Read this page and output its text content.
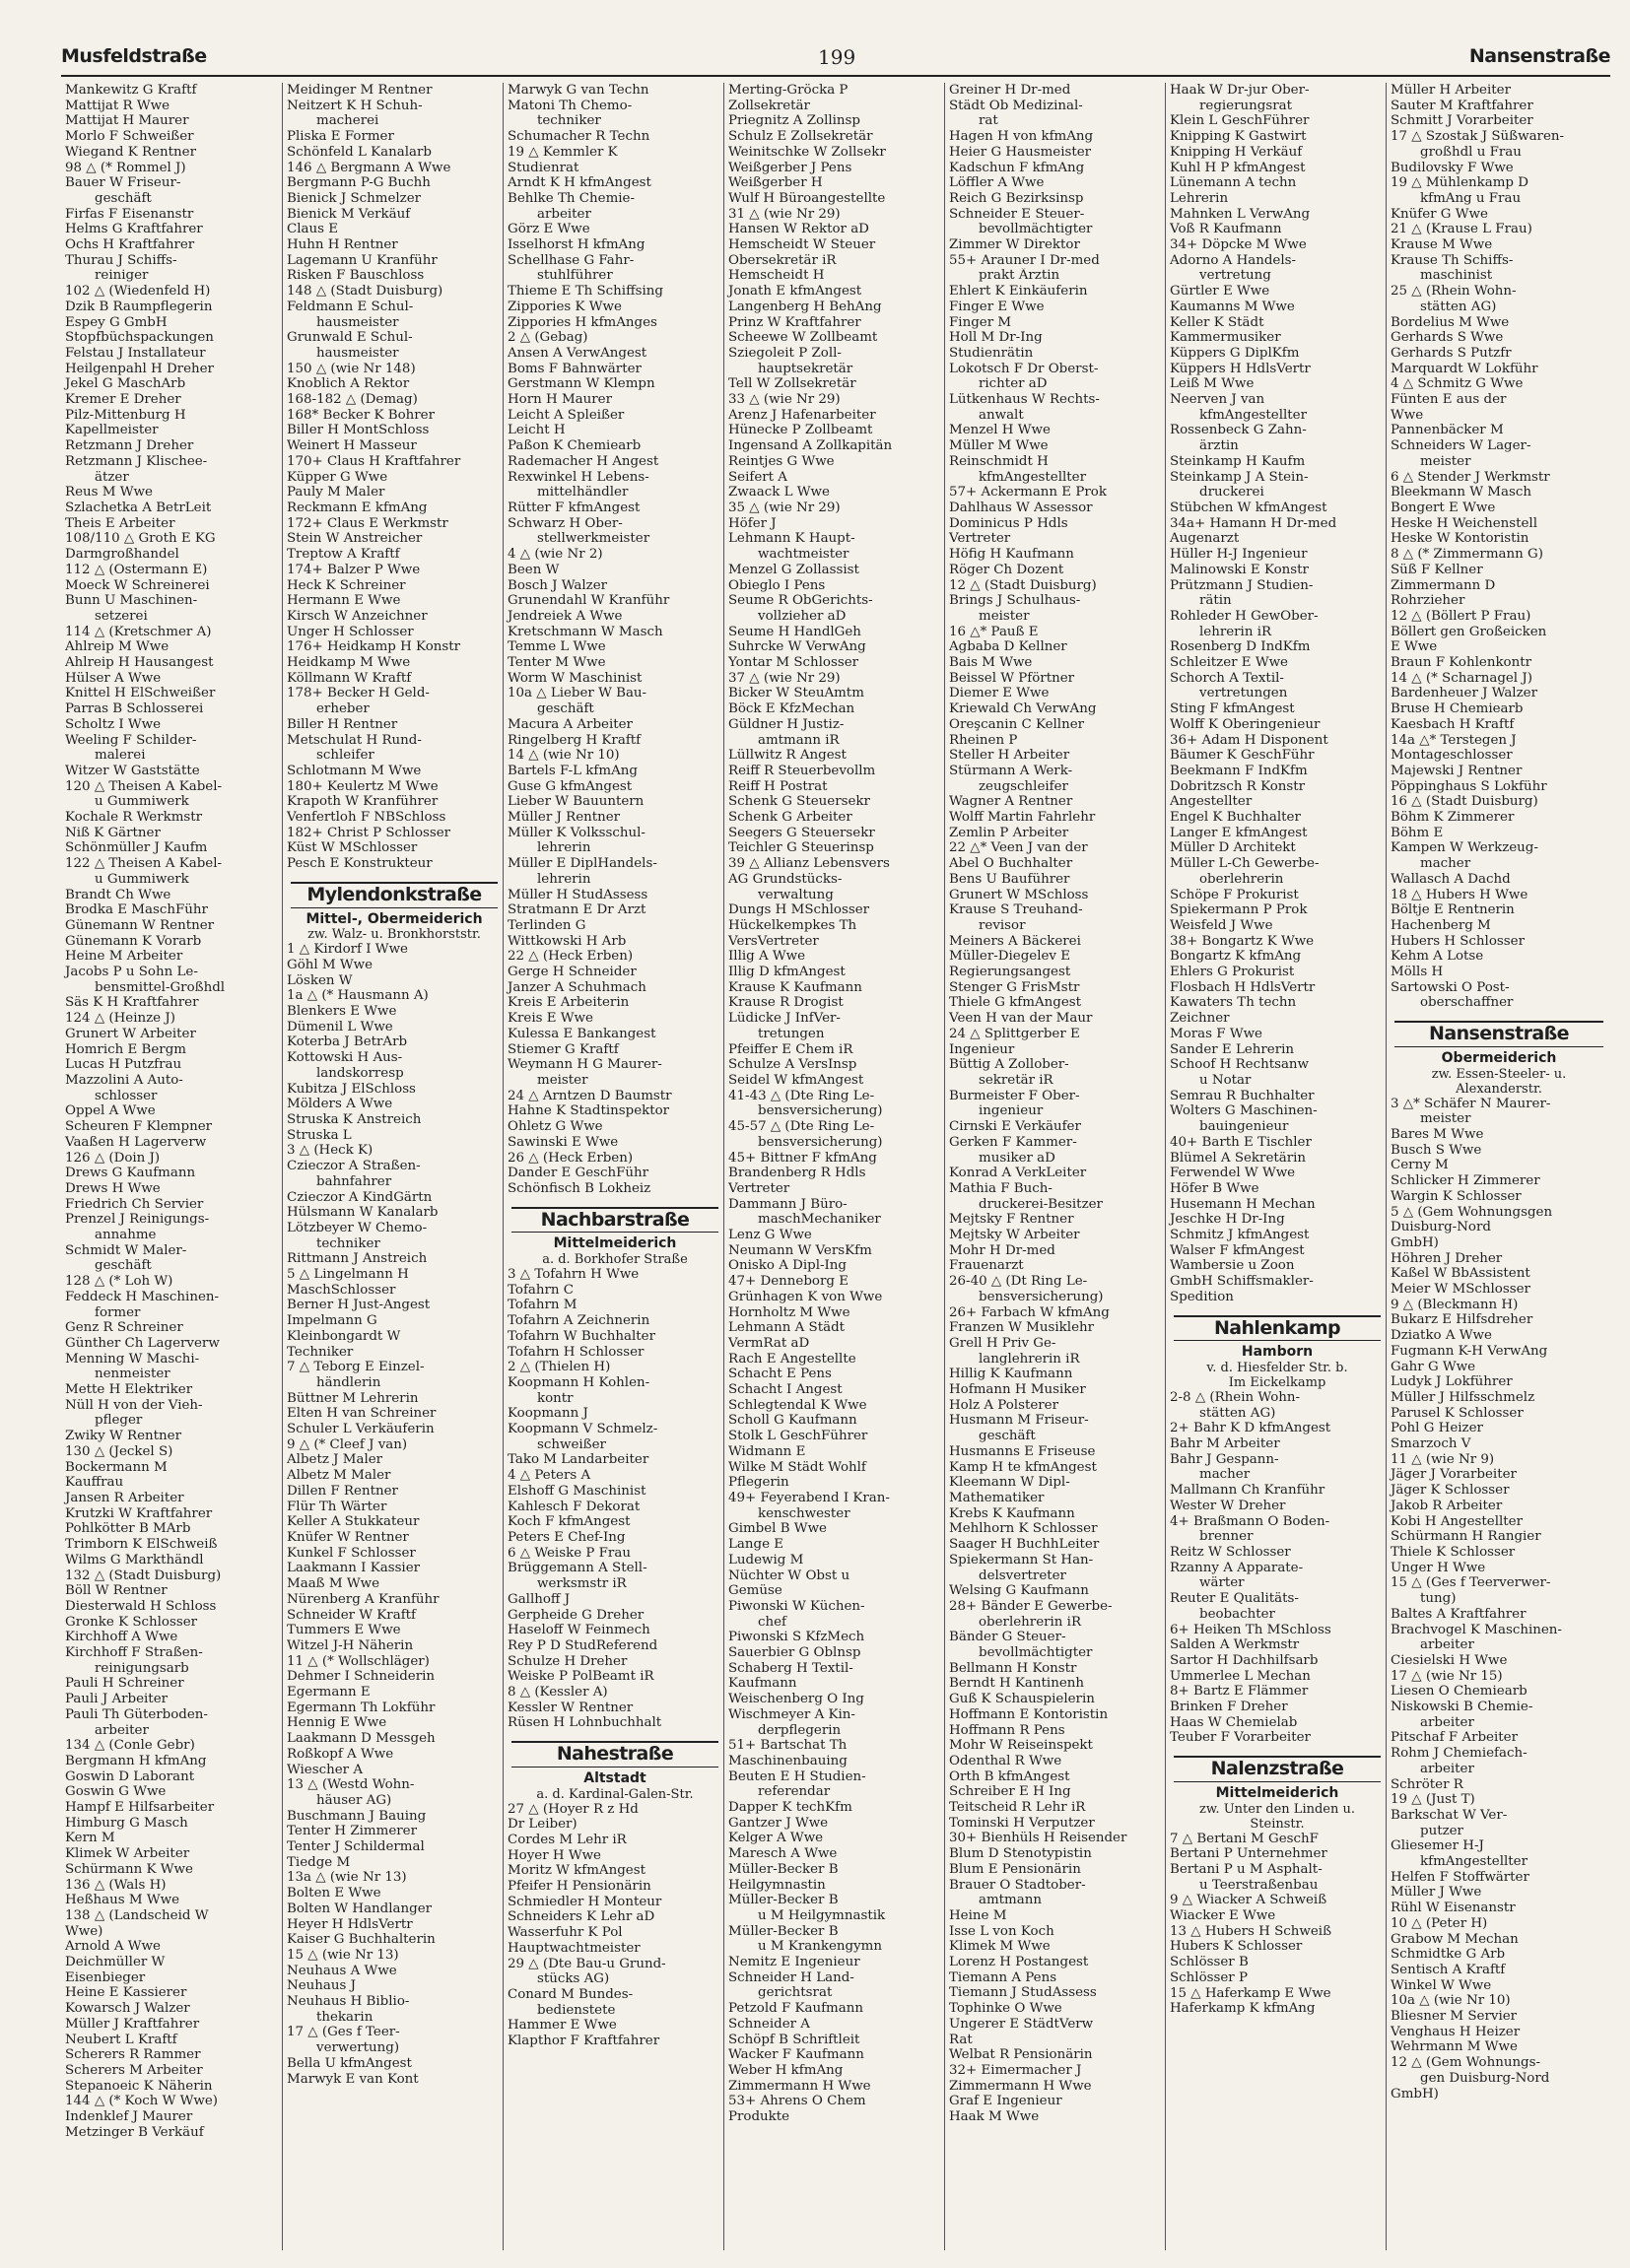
Musfeldstraße	199	Nansenstraße
Mankewitz G Kraftf
Mattijat R Wwe
Mattijat H Maurer
Morlo F Schweißer
Wiegand K Rentner
98 △ (* Rommel J)
Bauer W Friseur-
geschäft
Firfas F Eisenanstr
Helms G Kraftfahrer
Ochs H Kraftfahrer
Thurau J Schiffs-
reiniger
102 △ (Wiedenfeld H)
Dzik B Raumpflegerin
Espey G GmbH
Stopfbüchspackungen
Felstau J Installateur
Heilgenpahl H Dreher
Jekel G MaschArb
Kremer E Dreher
Pilz-Mittenburg H
Kapellmeister
Retzmann J Dreher
Retzmann J Klischee-
ätzer
Reus M Wwe
Szlachetka A BetrLeit
Theis E Arbeiter
108/110 △ Groth E KG
Darmgroßhandel
112 △ (Ostermann E)
Moeck W Schreinerei
Bunn U Maschinen-
setzerei
114 △ (Kretschmer A)
Ahlreip M Wwe
Ahlreip H Hausangest
Hülser A Wwe
Knittel H ElSchweißer
Parras B Schlosserei
Scholtz I Wwe
Weeling F Schilder-
malerei
Witzer W Gaststätte
120 △ Theisen A Kabel-
u Gummiwerk
Kochale R Werkmstr
Niß K Gärtner
Schönmüller J Kaufm
122 △ Theisen A Kabel-
u Gummiwerk
Brandt Ch Wwe
Brodka E MaschFühr
Günemann W Rentner
Günemann K Vorarb
Heine M Arbeiter
Jacobs P u Sohn Le-
bensmittel-Großhdl
Säs K H Kraftfahrer
124 △ (Heinze J)
Grunert W Arbeiter
Homrich E Bergm
Lucas H Putzfrau
Mazzolini A Auto-
schlosser
Oppel A Wwe
Scheuren F Klempner
Vaaßen H Lagerverw
126 △ (Doin J)
Drews G Kaufmann
Drews H Wwe
Friedrich Ch Servier
Prenzel J Reinigungs-
annahme
Schmidt W Maler-
geschäft
128 △ (* Loh W)
Feddeck H Maschinen-
former
Genz R Schreiner
Günther Ch Lagerverw
Menning W Maschi-
nenmeister
Mette H Elektriker
Nüll H von der Vieh-
pfleger
Zwiky W Rentner
130 △ (Jeckel S)
Bockermann M
Kauffrau
Jansen R Arbeiter
Krutzki W Kraftfahrer
Pohlkötter B MArb
Trimborn K ElSchweiß
Wilms G Markthändl
132 △ (Stadt Duisburg)
Böll W Rentner
Diesterwald H Schloss
Gronke K Schlosser
Kirchhoff A Wwe
Kirchhoff F Straßen-
reinigungsarb
Pauli H Schreiner
Pauli J Arbeiter
Pauli Th Güterboden-
arbeiter
134 △ (Conle Gebr)
Bergmann H kfmAng
Goswin D Laborant
Goswin G Wwe
Hampf E Hilfsarbeiter
Himburg G Masch
Kern M
Klimek W Arbeiter
Schürmann K Wwe
136 △ (Wals H)
Heßhaus M Wwe
138 △ (Landscheid W
Wwe)
Arnold A Wwe
Deichmüller W
Eisenbieger
Heine E Kassierer
Kowarsch J Walzer
Müller J Kraftfahrer
Neubert L Kraftf
Scherers R Rammer
Scherers M Arbeiter
Stepanoeic K Näherin
144 △ (* Koch W Wwe)
Indenklef J Maurer
Metzinger B Verkäuf
Meidinger M Rentner
Neitzert K H Schuh-
macherei
Pliska E Former
Schönfeld L Kanalarb
146 △ Bergmann A Wwe
Bergmann P-G Buchh
Bienick J Schmelzer
Bienick M Verkäuf
Claus E
Huhn H Rentner
Lagemann U Kranführ
Risken F Bauschloss
148 △ (Stadt Duisburg)
Feldmann E Schul-
hausmeister
Grunwald E Schul-
hausmeister
150 △ (wie Nr 148)
Knoblich A Rektor
168-182 △ (Demag)
168* Becker K Bohrer
Biller H MontSchloss
Weinert H Masseur
170+ Claus H Kraftfahrer
Küpper G Wwe
Pauly M Maler
Reckmann E kfmAng
172+ Claus E Werkmstr
Stein W Anstreicher
Treptow A Kraftf
174+ Balzer P Wwe
Heck K Schreiner
Hermann E Wwe
Kirsch W Anzeichner
Unger H Schlosser
176+ Heidkamp H Konstr
Heidkamp M Wwe
Köllmann W Kraftf
178+ Becker H Geld-
erheber
Biller H Rentner
Metschulat H Rund-
schleifer
Schlotmann M Wwe
180+ Keulertz M Wwe
Krapoth W Kranführer
Venfertloh F NBSchloss
182+ Christ P Schlosser
Küst W MSchlosser
Pesch E Konstrukteur
Mylendonkstraße
Mittel-, Obermeiderich
zw. Walz- u. Bronkhorststr.
1 △ Kirdorf I Wwe
Göhl M Wwe
Lösken W
1a △ (* Hausmann A)
Blenkers E Wwe
Dümenil L Wwe
Koterba J BetrArb
Kottowski H Aus-
landskorresp
Kubitza J ElSchloss
Mölders A Wwe
Struska K Anstreich
Struska L
3 △ (Heck K)
Czieczor A Straßen-
bahnfahrer
Czieczor A KindGärtn
Hülsmann W Kanalarb
Lötzbeyer W Chemo-
techniker
Rittmann J Anstreich
5 △ Lingelmann H
MaschSchlosser
Berner H Just-Angest
Impelmann G
Kleinbongardt W
Techniker
7 △ Teborg E Einzel-
händlerin
Büttner M Lehrerin
Elten H van Schreiner
Schuler L Verkäuferin
9 △ (* Cleef J van)
Albetz J Maler
Albetz M Maler
Dillen F Rentner
Flür Th Wärter
Keller A Stukkateur
Knüfer W Rentner
Kunkel F Schlosser
Laakmann I Kassier
Maaß M Wwe
Nürenberg A Kranführ
Schneider W Kraftf
Tummers E Wwe
Witzel J-H Näherin
11 △ (* Wollschläger)
Dehmer I Schneiderin
Egermann E
Egermann Th Lokführ
Hennig E Wwe
Laakmann D Messgeh
Roßkopf A Wwe
Wiescher A
13 △ (Westd Wohn-
häuser AG)
Buschmann J Bauing
Tenter H Zimmerer
Tenter J Schildermal
Tiedge M
13a △ (wie Nr 13)
Bolten E Wwe
Bolten W Handlanger
Heyer H HdlsVertr
Kaiser G Buchhalterin
15 △ (wie Nr 13)
Neuhaus A Wwe
Neuhaus J
Neuhaus H Biblio-
thekarin
17 △ (Ges f Teer-
verwertung)
Bella U kfmAngest
Marwyk E van Kont
Marwyk G van Techn
Matoni Th Chemo-
techniker
Schumacher R Techn
19 △ Kemmler K
Studienrat
Arndt K H kfmAngest
Behlke Th Chemie-
arbeiter
Görz E Wwe
Isselhorst H kfmAng
Schellhase G Fahr-
stuhlführer
Thieme E Th Schiffsing
Zippories K Wwe
Zippories H kfmAnges
2 △ (Gebag)
Ansen A VerwAngest
Boms F Bahnwärter
Gerstmann W Klempn
Horn H Maurer
Leicht A Spleißer
Leicht H
Paßon K Chemiearb
Rademacher H Angest
Rexwinkel H Lebens-
mittelhändler
Rütter F kfmAngest
Schwarz H Ober-
stellwerkmeister
4 △ (wie Nr 2)
Been W
Bosch J Walzer
Grunendahl W Kranführ
Jendreiek A Wwe
Kretschmann W Masch
Temme L Wwe
Tenter M Wwe
Worm W Maschinist
10a △ Lieber W Bau-
geschäft
Macura A Arbeiter
Ringelberg H Kraftf
14 △ (wie Nr 10)
Bartels F-L kfmAng
Guse G kfmAngest
Lieber W Bauuntern
Müller J Rentner
Müller K Volksschul-
lehrerin
Müller E DiplHandels-
lehrerin
Müller H StudAssess
Stratmann E Dr Arzt
Terlinden G
Wittkowski H Arb
22 △ (Heck Erben)
Gerge H Schneider
Janzer A Schuhmach
Kreis E Arbeiterin
Kreis E Wwe
Kulessa E Bankangest
Stiemer G Kraftf
Weymann H G Maurer-
meister
24 △ Arntzen D Baumstr
Hahne K Stadtinspektor
Ohletz G Wwe
Sawinski E Wwe
26 △ (Heck Erben)
Dander E GeschFühr
Schönfisch B Lokheiz
Nachbarstraße
Mittelmeiderich
a. d. Borkhofer Straße
3 △ Tofahrn H Wwe
Tofahrn C
Tofahrn M
Tofahrn A Zeichnerin
Tofahrn W Buchhalter
Tofahrn H Schlosser
2 △ (Thielen H)
Koopmann H Kohlen-
kontr
Koopmann J
Koopmann V Schmelz-
schweißer
Tako M Landarbeiter
4 △ Peters A
Elshoff G Maschinist
Kahlesch F Dekorat
Koch F kfmAngest
Peters E Chef-Ing
6 △ Weiske P Frau
Brüggemann A Stell-
werksmstr iR
Gallhoff J
Gerpheide G Dreher
Haseloff W Feinmech
Rey P D StudReferend
Schulze H Dreher
Weiske P PolBeamt iR
8 △ (Kessler A)
Kessler W Rentner
Rüsen H Lohnbuchhalt
Nahestraße
Altstadt
a. d. Kardinal-Galen-Str.
27 △ (Hoyer R z Hd
Dr Leiber)
Cordes M Lehr iR
Hoyer H Wwe
Moritz W kfmAngest
Pfeifer H Pensionärin
Schmiedler H Monteur
Schneiders K Lehr aD
Wasserfuhr K Pol
Hauptwachtmeister
29 △ (Dte Bau-u Grund-
stücks AG)
Conard M Bundes-
bedienstete
Hammer E Wwe
Klapthor F Kraftfahrer
Merting-Gröcka P
Zollsekretär
Priegnitz A Zollinsp
Schulz E Zollsekretär
Weinitschke W Zollsekr
Weißgerber J Pens
Weißgerber H
Wulf H Büroangestellte
31 △ (wie Nr 29)
Hansen W Rektor aD
Hemscheidt W Steuer
Obersekretär iR
Hemscheidt H
Jonath E kfmAngest
Langenberg H BehAng
Prinz W Kraftfahrer
Scheewe W Zollbeamt
Sziegoleit P Zoll-
hauptsekretär
Tell W Zollsekretär
33 △ (wie Nr 29)
Arenz J Hafenarbeiter
Hünecke P Zollbeamt
Ingensand A Zollkapitän
Reintjes G Wwe
Seifert A
Zwaack L Wwe
35 △ (wie Nr 29)
Höfer J
Lehmann K Haupt-
wachtmeister
Menzel G Zollassist
Obieglo I Pens
Seume R ObGerichts-
vollzieher aD
Seume H HandlGeh
Suhrcke W VerwAng
Yontar M Schlosser
37 △ (wie Nr 29)
Bicker W SteuAmtm
Böck E KfzMechan
Güldner H Justiz-
amtmann iR
Lüllwitz R Angest
Reiff R Steuerbevollm
Reiff H Postrat
Schenk G Steuersekr
Schenk G Arbeiter
Seegers G Steuersekr
Teichler G Steuerinsp
39 △ Allianz Lebensvers
AG Grundstücks-
verwaltung
Dungs H MSchlosser
Hückelkempkes Th
VersVertreter
Illig A Wwe
Illig D kfmAngest
Krause K Kaufmann
Krause R Drogist
Lüdicke J InfVer-
tretungen
Pfeiffer E Chem iR
Schulze A VersInsp
Seidel W kfmAngest
41-43 △ (Dte Ring Le-
bensversicherung)
45-57 △ (Dte Ring Le-
bensversicherung)
45+ Bittner F kfmAng
Brandenberg R Hdls
Vertreter
Dammann J Büro-
maschMechaniker
Lenz G Wwe
Neumann W VersKfm
Onisko A Dipl-Ing
47+ Denneborg E
Grünhagen K von Wwe
Hornholtz M Wwe
Lehmann A Städt
VermRat aD
Rach E Angestellte
Schacht E Pens
Schacht I Angest
Schlegtendal K Wwe
Scholl G Kaufmann
Stolk L GeschFührer
Widmann E
Wilke M Städt Wohlf
Pflegerin
49+ Feyerabend I Kran-
kenschwester
Gimbel B Wwe
Lange E
Ludewig M
Nüchter W Obst u
Gemüse
Piwonski W Küchen-
chef
Piwonski S KfzMech
Sauerbier G Oblnsp
Schaberg H Textil-
Kaufmann
Weischenberg O Ing
Wischmeyer A Kin-
derpflegerin
51+ Bartschat Th
Maschinenbauing
Beuten E H Studien-
referendar
Dapper K techKfm
Gantzer J Wwe
Kelger A Wwe
Maresch A Wwe
Müller-Becker B
Heilgymnastin
Müller-Becker B
u M Heilgymnastik
Müller-Becker B
u M Krankengymn
Nemitz E Ingenieur
Schneider H Land-
gerichtsrat
Petzold F Kaufmann
Schneider A
Schöpf B Schriftleit
Wacker F Kaufmann
Weber H kfmAng
Zimmermann H Wwe
53+ Ahrens O Chem
Produkte
Greiner H Dr-med
Städt Ob Medizinal-
rat
Hagen H von kfmAng
Heier G Hausmeister
Kadschun F kfmAng
Löffler A Wwe
Reich G Bezirksinsp
Schneider E Steuer-
bevollmächtigter
Zimmer W Direktor
55+ Arauner I Dr-med
prakt Ärztin
Ehlert K Einkäuferin
Finger E Wwe
Finger M
Holl M Dr-Ing
Studienrätin
Lokotsch F Dr Oberst-
richter aD
Lütkenhaus W Rechts-
anwalt
Menzel H Wwe
Müller M Wwe
Reinschmidt H
kfmAngestellter
57+ Ackermann E Prok
Dahlhaus W Assessor
Dominicus P Hdls
Vertreter
Höfig H Kaufmann
Röger Ch Dozent
12 △ (Stadt Duisburg)
Brings J Schulhaus-
meister
16 △* Pauß E
Agbaba D Kellner
Bais M Wwe
Beissel W Pförtner
Diemer E Wwe
Kriewald Ch VerwAng
Oreşcanin C Kellner
Rheinen P
Steller H Arbeiter
Stürmann A Werk-
zeugschleifer
Wagner A Rentner
Wolff Martin Fahrlehr
Zemlin P Arbeiter
22 △* Veen J van der
Abel O Buchhalter
Bens U Bauführer
Grunert W MSchloss
Krause S Treuhand-
revisor
Meiners A Bäckerei
Müller-Diegelev E
Regierungsangest
Stenger G FrisMstr
Thiele G kfmAngest
Veen H van der Maur
24 △ Splittgerber E
Ingenieur
Büttig A Zollober-
sekretär iR
Burmeister F Ober-
ingenieur
Cirnski E Verkäufer
Gerken F Kammer-
musiker aD
Konrad A VerkLeiter
Mathia F Buch-
druckerei-Besitzer
Mejtsky F Rentner
Mejtsky W Arbeiter
Mohr H Dr-med
Frauenarzt
26-40 △ (Dt Ring Le-
bensversicherung)
26+ Farbach W kfmAng
Franzen W Musiklehr
Grell H Priv Ge-
langlehrerin iR
Hillig K Kaufmann
Hofmann H Musiker
Holz A Polsterer
Husmann M Friseur-
geschäft
Husmanns E Friseuse
Kamp H te kfmAngest
Kleemann W Dipl-
Mathematiker
Krebs K Kaufmann
Mehlhorn K Schlosser
Saager H BuchhLeiter
Spiekermann St Han-
delsvertreter
Welsing G Kaufmann
28+ Bänder E Gewerbe-
oberlehrerin iR
Bänder G Steuer-
bevollmächtigter
Bellmann H Konstr
Berndt H Kantinenh
Guß K Schauspielerin
Hoffmann E Kontoristin
Hoffmann R Pens
Mohr W Reiseinspekt
Odenthal R Wwe
Orth B kfmAngest
Schreiber E H Ing
Teitscheid R Lehr iR
Tominski H Verputzer
30+ Bienhüls H Reisender
Blum D Stenotypistin
Blum E Pensionärin
Brauer O Stadtober-
amtmann
Heine M
Isse L von Koch
Klimek M Wwe
Lorenz H Postangest
Tiemann A Pens
Tiemann J StudAssess
Tophinke O Wwe
Ungerer E StädtVerw
Rat
Welbat R Pensionärin
32+ Eimermacher J
Zimmermann H Wwe
Graf E Ingenieur
Haak M Wwe
Haak W Dr-jur Ober-
regierungsrat
Klein L GeschFührer
Knipping K Gastwirt
Knipping H Verkäuf
Kuhl H P kfmAngest
Lünemann A techn
Lehrerin
Mahnken L VerwAng
Voß R Kaufmann
34+ Döpcke M Wwe
Adorno A Handels-
vertretung
Gürtler E Wwe
Kaumanns M Wwe
Keller K Städt
Kammermusiker
Küppers G DiplKfm
Küppers H HdlsVertr
Leiß M Wwe
Neerven J van
kfmAngestellter
Rossenbeck G Zahn-
ärztin
Steinkamp H Kaufm
Steinkamp J A Stein-
druckerei
Stübchen W kfmAngest
34a+ Hamann H Dr-med
Augenarzt
Hüller H-J Ingenieur
Malinowski E Konstr
Prützmann J Studien-
rätin
Rohleder H GewOber-
lehrerin iR
Rosenberg D IndKfm
Schleitzer E Wwe
Schorch A Textil-
vertretungen
Sting F kfmAngest
Wolff K Oberingenieur
36+ Adam H Disponent
Bäumer K GeschFühr
Beekmann F IndKfm
Dobritzsch R Konstr
Angestellter
Engel K Buchhalter
Langer E kfmAngest
Müller D Architekt
Müller L-Ch Gewerbe-
oberlehrerin
Schöpe F Prokurist
Spiekermann P Prok
Weisfeld J Wwe
38+ Bongartz K Wwe
Bongartz K kfmAng
Ehlers G Prokurist
Flosbach H HdlsVertr
Kawaters Th techn
Zeichner
Moras F Wwe
Sander E Lehrerin
Schoof H Rechtsanw
u Notar
Semrau R Buchhalter
Wolters G Maschinen-
bauingenieur
40+ Barth E Tischler
Blümel A Sekretärin
Ferwendel W Wwe
Höfer B Wwe
Husemann H Mechan
Jeschke H Dr-Ing
Schmitz J kfmAngest
Walser F kfmAngest
Wambersie u Zoon
GmbH Schiffsmakler-
Spedition
Nahlenkamp
Hamborn
v. d. Hiesfelder Str. b.
Im Eickelkamp
2-8 △ (Rhein Wohn-
stätten AG)
2+ Bahr K D kfmAngest
Bahr M Arbeiter
Bahr J Gespann-
macher
Mallmann Ch Kranführ
Wester W Dreher
4+ Braßmann O Boden-
brenner
Reitz W Schlosser
Rzanny A Apparate-
wärter
Reuter E Qualitäts-
beobachter
6+ Heiken Th MSchloss
Salden A Werkmstr
Sartor H Dachhilfsarb
Ummerlee L Mechan
8+ Bartz E Flämmer
Brinken F Dreher
Haas W Chemielab
Teuber F Vorarbeiter
Nalenzstraße
Mittelmeiderich
zw. Unter den Linden u.
Steinstr.
7 △ Bertani M GeschF
Bertani P Unternehmer
Bertani P u M Asphalt-
u Teerstraßenbau
9 △ Wiacker A Schweiß
Wiacker E Wwe
13 △ Hubers H Schweiß
Hubers K Schlosser
Schlösser B
Schlösser P
15 △ Haferkamp E Wwe
Haferkamp K kfmAng
Müller H Arbeiter
Sauter M Kraftfahrer
Schmitt J Vorarbeiter
17 △ Szostak J Süßwaren-
großhdl u Frau
Budilovsky F Wwe
19 △ Mühlenkamp D
kfmAng u Frau
Knüfer G Wwe
21 △ (Krause L Frau)
Krause M Wwe
Krause Th Schiffs-
maschinist
25 △ (Rhein Wohn-
stätten AG)
Bordelius M Wwe
Gerhards S Wwe
Gerhards S Putzfr
Marquardt W Lokführ
4 △ Schmitz G Wwe
Fünten E aus der
Wwe
Pannenbäcker M
Schneiders W Lager-
meister
6 △ Stender J Werkmstr
Bleekmann W Masch
Bongert E Wwe
Heske H Weichenstell
Heske W Kontoristin
8 △ (* Zimmermann G)
Süß F Kellner
Zimmermann D
Rohrzieher
12 △ (Böllert P Frau)
Böllert gen Großeicken
E Wwe
Braun F Kohlenkontr
14 △ (* Scharnagel J)
Bardenheuer J Walzer
Bruse H Chemiearb
Kaesbach H Kraftf
14a △* Terstegen J
Montageschlosser
Majewski J Rentner
Pöppinghaus S Lokführ
16 △ (Stadt Duisburg)
Böhm K Zimmerer
Böhm E
Kampen W Werkzeug-
macher
Wallasch A Dachd
18 △ Hubers H Wwe
Böltje E Rentnerin
Hachenberg M
Hubers H Schlosser
Kehm A Lotse
Mölls H
Sartowski O Post-
oberschaffner
Nansenstraße
Obermeiderich
zw. Essen-Steeler- u.
Alexanderstr.
3 △* Schäfer N Maurer-
meister
Bares M Wwe
Busch S Wwe
Cerny M
Schlicker H Zimmerer
Wargin K Schlosser
5 △ (Gem Wohnungsgen
Duisburg-Nord
GmbH)
Höhren J Dreher
Kaßel W BbAssistent
Meier W MSchlosser
9 △ (Bleckmann H)
Bukarz E Hilfsdreher
Dziatko A Wwe
Fugmann K-H VerwAng
Gahr G Wwe
Ludyk J Lokführer
Müller J Hilfsschmelz
Parusel K Schlosser
Pohl G Heizer
Smarzoch V
11 △ (wie Nr 9)
Jäger J Vorarbeiter
Jäger K Schlosser
Jakob R Arbeiter
Kobi H Angestellter
Schürmann H Rangier
Thiele K Schlosser
Unger H Wwe
15 △ (Ges f Teerverwer-
tung)
Baltes A Kraftfahrer
Brachvogel K Maschinen-
arbeiter
Ciesielski H Wwe
17 △ (wie Nr 15)
Liesen O Chemiearb
Niskowski B Chemie-
arbeiter
Pitschaf F Arbeiter
Rohm J Chemiefach-
arbeiter
Schröter R
19 △ (Just T)
Barkschat W Ver-
putzer
Gliesemer H-J
kfmAngestellter
Helfen F Stoffwärter
Müller J Wwe
Rühl W Eisenanstr
10 △ (Peter H)
Grabow M Mechan
Schmidtke G Arb
Sentisch A Kraftf
Winkel W Wwe
10a △ (wie Nr 10)
Bliesner M Servier
Venghaus H Heizer
Wehrmann M Wwe
12 △ (Gem Wohnungs-
gen Duisburg-Nord
GmbH)
